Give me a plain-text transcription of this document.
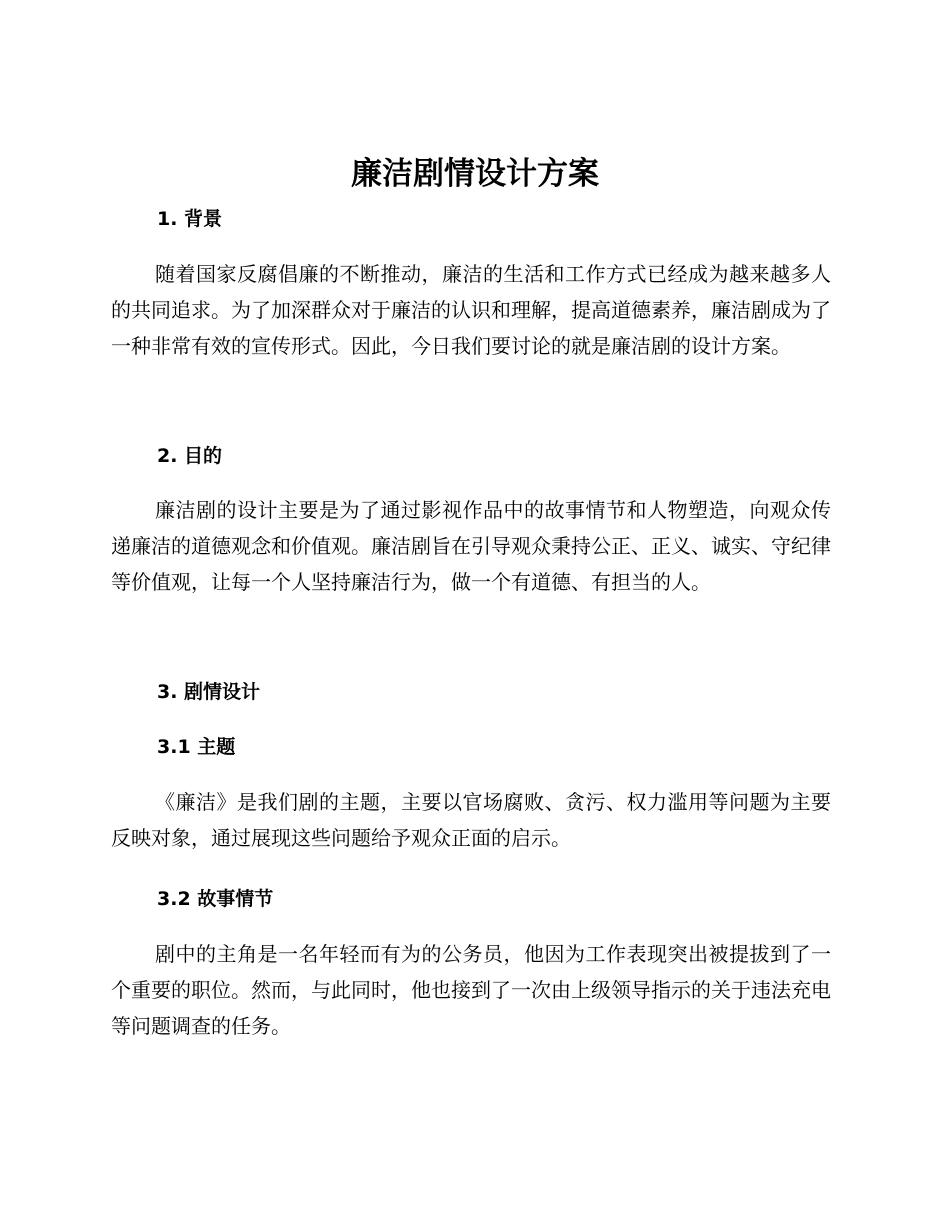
廉洁剧情设计方案
1. 背景

随着国家反腐倡廉的不断推动，廉洁的生活和工作方式已经成为越来越多人的共同追求。为了加深群众对于廉洁的认识和理解，提高道德素养，廉洁剧成为了一种非常有效的宣传形式。因此，今日我们要讨论的就是廉洁剧的设计方案。

2. 目的

廉洁剧的设计主要是为了通过影视作品中的故事情节和人物塑造，向观众传递廉洁的道德观念和价值观。廉洁剧旨在引导观众秉持公正、正义、诚实、守纪律等价值观，让每一个人坚持廉洁行为，做一个有道德、有担当的人。

3. 剧情设计
3.1 主题

《廉洁》是我们剧的主题，主要以官场腐败、贪污、权力滥用等问题为主要反映对象，通过展现这些问题给予观众正面的启示。

3.2 故事情节

剧中的主角是一名年轻而有为的公务员，他因为工作表现突出被提拔到了一个重要的职位。然而，与此同时，他也接到了一次由上级领导指示的关于违法充电等问题调查的任务。
